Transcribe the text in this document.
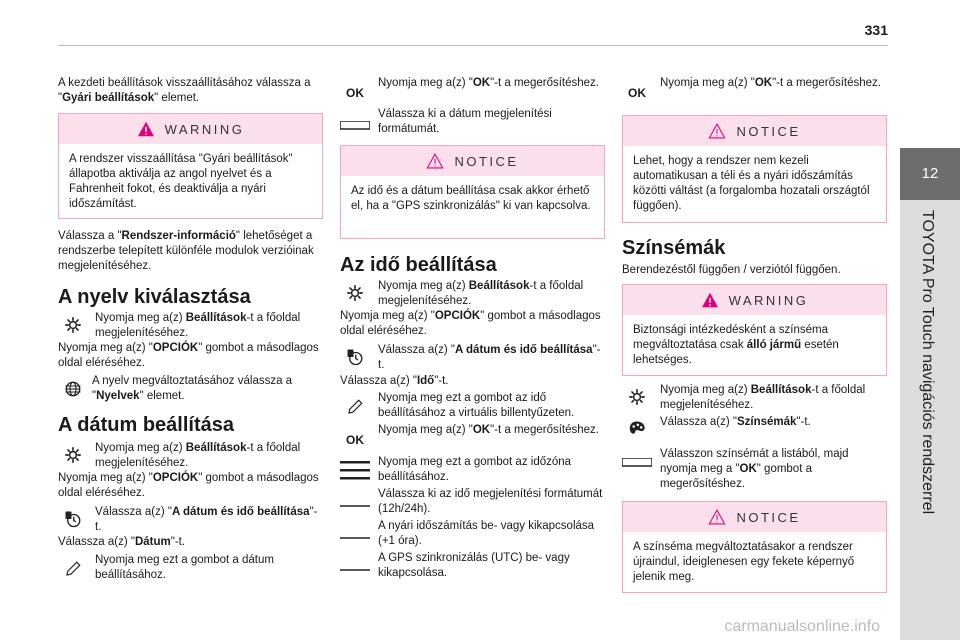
331
12
TOYOTA Pro Touch navigációs rendszerrel

A kezdeti beállítások visszaállításához válassza a "Gyári beállítások" elemet.

WARNING
A rendszer visszaállítása "Gyári beállítások" állapotba aktiválja az angol nyelvet és a Fahrenheit fokot, és deaktiválja a nyári időszámítást.

Válassza a "Rendszer-információ" lehetőséget a rendszerbe telepített különféle modulok verzióinak megjelenítéséhez.

A nyelv kiválasztása
Nyomja meg a(z) Beállítások-t a főoldal megjelenítéséhez.
Nyomja meg a(z) "OPCIÓK" gombot a másodlagos oldal eléréséhez.
A nyelv megváltoztatásához válassza a "Nyelvek" elemet.
A dátum beállítása
Nyomja meg a(z) Beállítások-t a főoldal megjelenítéséhez.
Nyomja meg a(z) "OPCIÓK" gombot a másodlagos oldal eléréséhez.
Válassza a(z) "A dátum és idő beállítása"-t.
Válassza a(z) "Dátum"-t.
Nyomja meg ezt a gombot a dátum beállításához.
OK
Nyomja meg a(z) "OK"-t a megerősítéshez.
Válassza ki a dátum megjelenítési formátumát.
NOTICE
Az idő és a dátum beállítása csak akkor érhető el, ha a "GPS szinkronizálás" ki van kapcsolva.
Az idő beállítása
Nyomja meg a(z) Beállítások-t a főoldal megjelenítéséhez.
Nyomja meg a(z) "OPCIÓK" gombot a másodlagos oldal eléréséhez.
Válassza a(z) "A dátum és idő beállítása"-t.
Válassza a(z) "Idő"-t.
Nyomja meg ezt a gombot az idő beállításához a virtuális billentyűzeten.
OK
Nyomja meg a(z) "OK"-t a megerősítéshez.
Nyomja meg ezt a gombot az időzóna beállításához.
Válassza ki az idő megjelenítési formátumát (12h/24h).
A nyári időszámítás be- vagy kikapcsolása (+1 óra).
A GPS szinkronizálás (UTC) be- vagy kikapcsolása.
OK
Nyomja meg a(z) "OK"-t a megerősítéshez.
NOTICE
Lehet, hogy a rendszer nem kezeli automatikusan a téli és a nyári időszámítás közötti váltást (a forgalomba hozatali országtól függően).
Színsémák
Berendezéstől függően / verziótól függően.
WARNING
Biztonsági intézkedésként a színséma megváltoztatása csak álló jármű esetén lehetséges.
Nyomja meg a(z) Beállítások-t a főoldal megjelenítéséhez.
Válassza a(z) "Színsémák"-t.
Válasszon színsémát a listából, majd nyomja meg a "OK" gombot a megerősítéshez.
NOTICE
A színséma megváltoztatásakor a rendszer újraindul, ideiglenesen egy fekete képernyő jelenik meg.
carmanualsonline.info
